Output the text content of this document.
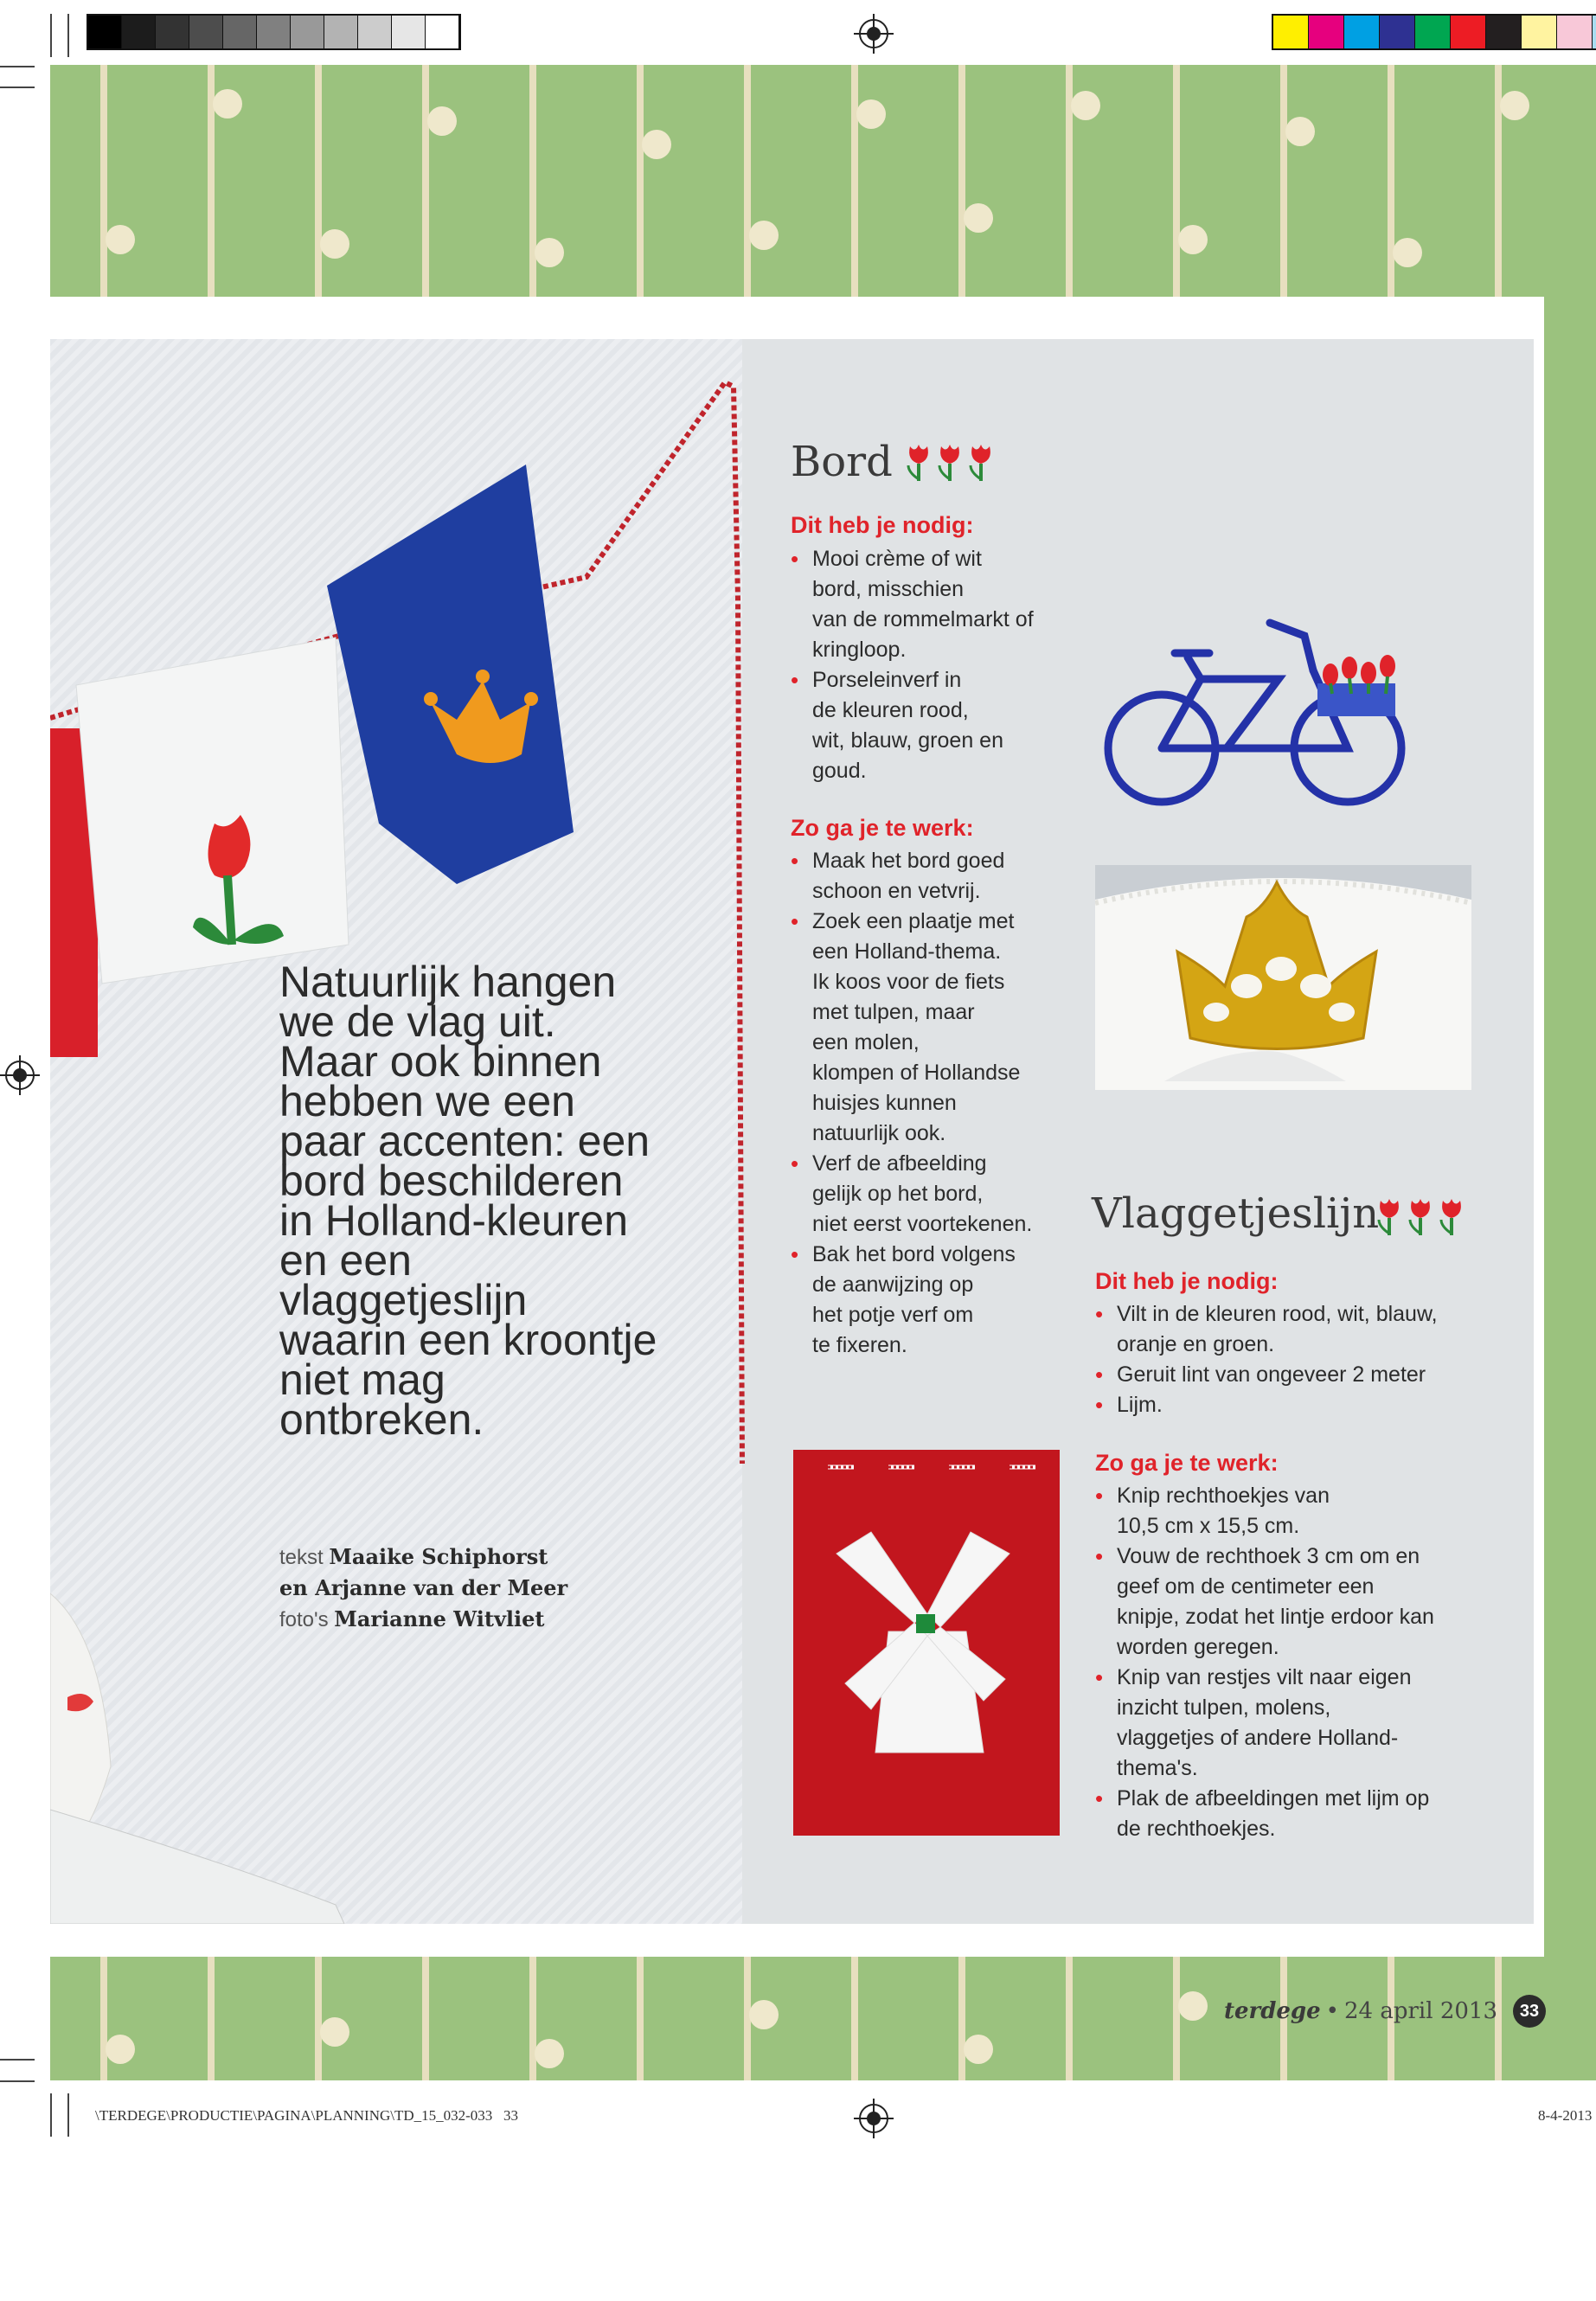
Natuurlijk hangen we de vlag uit. Maar ook binnen hebben we een paar accenten: een bord beschilderen in Holland-kleuren en een vlaggetjeslijn waarin een kroontje niet mag ontbreken.
tekst Maaike Schiphorst
en Arjanne van der Meer
foto's Marianne Witvliet
Bord
Dit heb je nodig:
• Mooi crème of wit
bord, misschien
van de rommelmarkt of
kringloop.
• Porseleinverf in
de kleuren rood,
wit, blauw, groen en
goud.
Zo ga je te werk:
• Maak het bord goed
schoon en vetvrij.
• Zoek een plaatje met
een Holland-thema.
Ik koos voor de fiets
met tulpen, maar
een molen,
klompen of Hollandse
huisjes kunnen
natuurlijk ook.
• Verf de afbeelding
gelijk op het bord,
niet eerst voortekenen.
• Bak het bord volgens
de aanwijzing op
het potje verf om
te fixeren.
Vlaggetjeslijn
Dit heb je nodig:
• Vilt in de kleuren rood, wit, blauw,
oranje en groen.
• Geruit lint van ongeveer 2 meter
• Lijm.
Zo ga je te werk:
• Knip rechthoekjes van
10,5 cm x 15,5 cm.
• Vouw de rechthoek 3 cm om en
geef om de centimeter een
knipje, zodat het lintje erdoor kan
worden geregen.
• Knip van restjes vilt naar eigen
inzicht tulpen, molens,
vlaggetjes of andere Holland-
thema's.
• Plak de afbeeldingen met lijm op
de rechthoekjes.
terdege • 24 april 2013	33
\TERDEGE\PRODUCTIE\PAGINA\PLANNING\TD_15_032-033   33	8-4-2013
